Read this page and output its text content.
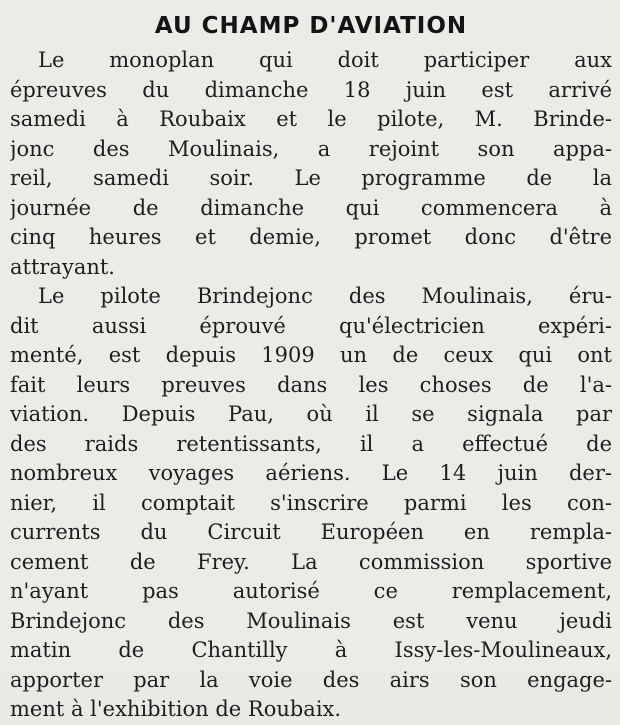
AU CHAMP D'AVIATION
Le monoplan qui doit participer aux
épreuves du dimanche 18 juin est arrivé
samedi à Roubaix et le pilote, M. Brinde-
jonc des Moulinais, a rejoint son appa-
reil, samedi soir. Le programme de la
journée de dimanche qui commencera à
cinq heures et demie, promet donc d'être
attrayant.
Le pilote Brindejonc des Moulinais, éru-
dit aussi éprouvé qu'électricien expéri-
menté, est depuis 1909 un de ceux qui ont
fait leurs preuves dans les choses de l'a-
viation. Depuis Pau, où il se signala par
des raids retentissants, il a effectué de
nombreux voyages aériens. Le 14 juin der-
nier, il comptait s'inscrire parmi les con-
currents du Circuit Européen en rempla-
cement de Frey. La commission sportive
n'ayant pas autorisé ce remplacement,
Brindejonc des Moulinais est venu jeudi
matin de Chantilly à Issy-les-Moulineaux,
apporter par la voie des airs son engage-
ment à l'exhibition de Roubaix.
